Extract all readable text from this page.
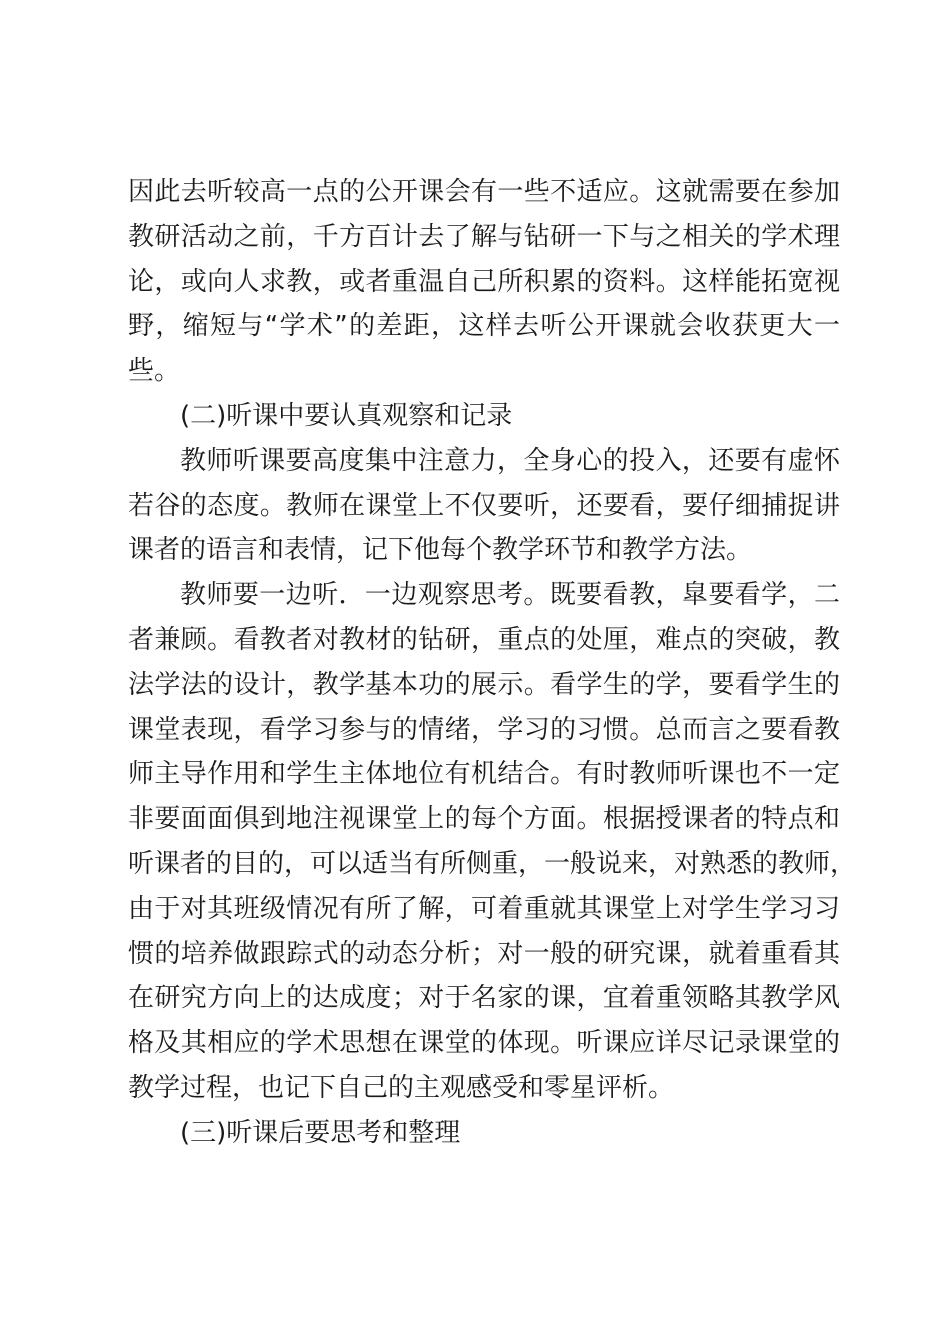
因此去听较高一点的公开课会有一些不适应。这就需要在参加
教研活动之前，千方百计去了解与钻研一下与之相关的学术理
论，或向人求教，或者重温自己所积累的资料。这样能拓宽视
野，缩短与“学术”的差距，这样去听公开课就会收获更大一
些。
(二)听课中要认真观察和记录
教师听课要高度集中注意力，全身心的投入，还要有虚怀
若谷的态度。教师在课堂上不仅要听，还要看，要仔细捕捉讲
课者的语言和表情，记下他每个教学环节和教学方法。
教师要一边听．一边观察思考。既要看教，皐要看学，二
者兼顾。看教者对教材的钻研，重点的处厘，难点的突破，教
法学法的设计，教学基本功的展示。看学生的学，要看学生的
课堂表现，看学习参与的情绪，学习的习惯。总而言之要看教
师主导作用和学生主体地位有机结合。有时教师听课也不一定
非要面面俱到地注视课堂上的每个方面。根据授课者的特点和
听课者的目的，可以适当有所侧重，一般说来，对熟悉的教师，
由于对其班级情况有所了解，可着重就其课堂上对学生学习习
惯的培养做跟踪式的动态分析；对一般的研究课，就着重看其
在研究方向上的达成度；对于名家的课，宜着重领略其教学风
格及其相应的学术思想在课堂的体现。听课应详尽记录课堂的
教学过程，也记下自己的主观感受和零星评析。
(三)听课后要思考和整理
